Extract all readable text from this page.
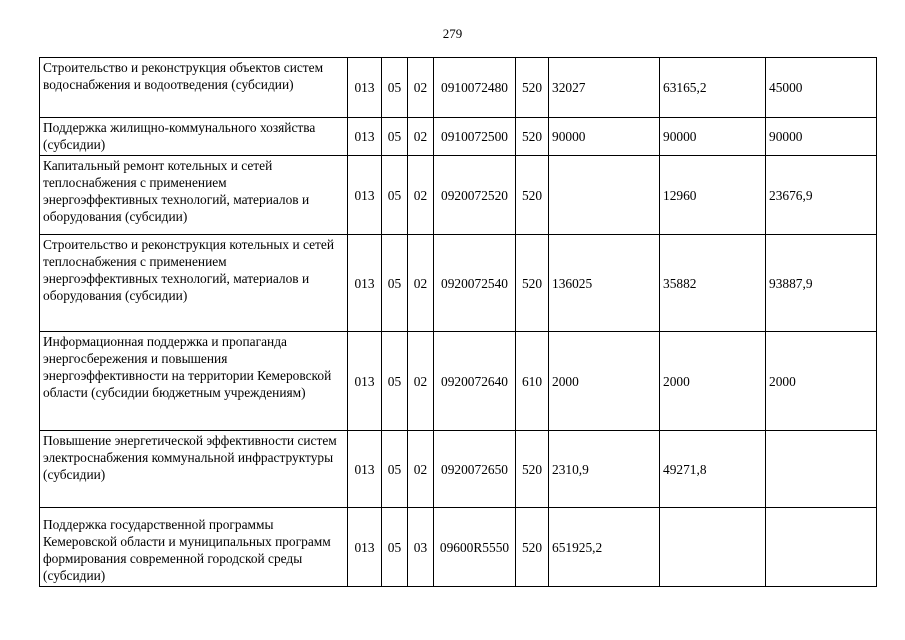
279
Строительство и реконструкция объектов систем водоснабжения и водоотведения (субсидии)	013	05	02	0910072480	520	32027	63165,2	45000
Поддержка жилищно-коммунального хозяйства (субсидии)	013	05	02	0910072500	520	90000	90000	90000
Капитальный ремонт котельных и сетей теплоснабжения с применением энергоэффективных технологий, материалов и оборудования (субсидии)	013	05	02	0920072520	520		12960	23676,9
Строительство и реконструкция котельных и сетей теплоснабжения с применением энергоэффективных технологий, материалов и оборудования (субсидии)	013	05	02	0920072540	520	136025	35882	93887,9
Информационная поддержка и пропаганда энергосбережения и повышения энергоэффективности на территории Кемеровской области (субсидии бюджетным учреждениям)	013	05	02	0920072640	610	2000	2000	2000
Повышение энергетической эффективности систем электроснабжения коммунальной инфраструктуры (субсидии)	013	05	02	0920072650	520	2310,9	49271,8	
Поддержка государственной программы Кемеровской области и муниципальных программ формирования современной городской среды (субсидии)	013	05	03	09600R5550	520	651925,2		
